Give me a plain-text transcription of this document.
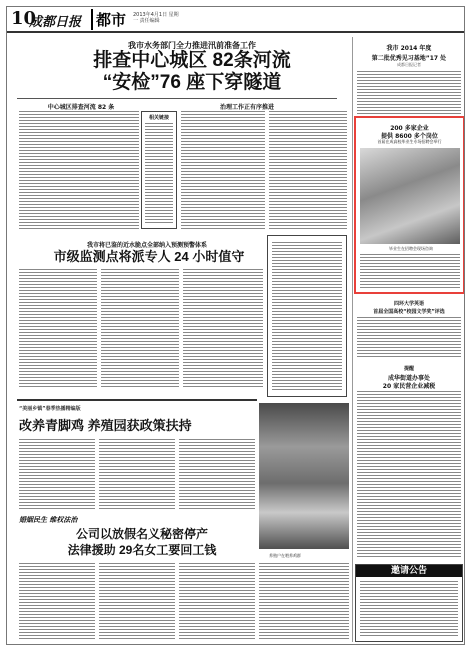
10
成都日报 都市 2013年4月1日 星期一 责任编辑
我市水务部门全力推进汛前准备工作
排查中心城区 82条河流
“安检”76 座下穿隧道
中心城区排查河流 82 条	治理工作正有序推进
相关链接
我市将已鉴的近水脆点全部纳入预测预警体系
市级监测点将派专人 24 小时值守
“美丽乡镇”春季热播精编版
改养青脚鸡 养殖园获政策扶持
养殖户在喂养鸡群
婚姻民生 维权法治
公司以放假名义秘密停产
法律援助 29名女工要回工钱
我市 2014 年度
第二批优秀见习基地”17 处
成都日报记者
200 多家企业
提供 8600 多个岗位
首届在成高校毕业生专场招聘会举行
毕业生在招聘会现场咨询
四环大学英语
首届全国高校“校园文学奖”评选
提醒
成华街道办事处
20 家民营企业减税
邀请公告
